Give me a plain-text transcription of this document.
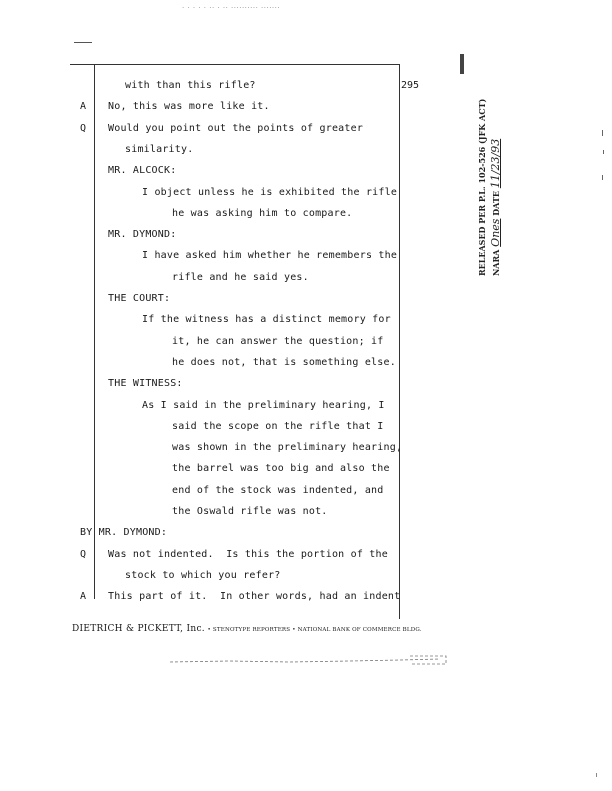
· · · · · ·· · ·· ·········· ·······
295
with than this rifle?
A No, this was more like it.
Q Would you point out the points of greater
similarity.
MR. ALCOCK:
I object unless he is exhibited the rifle
he was asking him to compare.
MR. DYMOND:
I have asked him whether he remembers the
rifle and he said yes.
THE COURT:
If the witness has a distinct memory for
it, he can answer the question; if
he does not, that is something else.
THE WITNESS:
As I said in the preliminary hearing, I
said the scope on the rifle that I
was shown in the preliminary hearing,
the barrel was too big and also the
end of the stock was indented, and
the Oswald rifle was not.
BY MR. DYMOND:
Q Was not indented.  Is this the portion of the
stock to which you refer?
A This part of it.  In other words, had an indent
DIETRICH & PICKETT, Inc. • STENOTYPE REPORTERS • NATIONAL BANK OF COMMERCE BLDG.
RELEASED PER P.L. 102-526 (JFK ACT) NARA Ones DATE 11/23/93
